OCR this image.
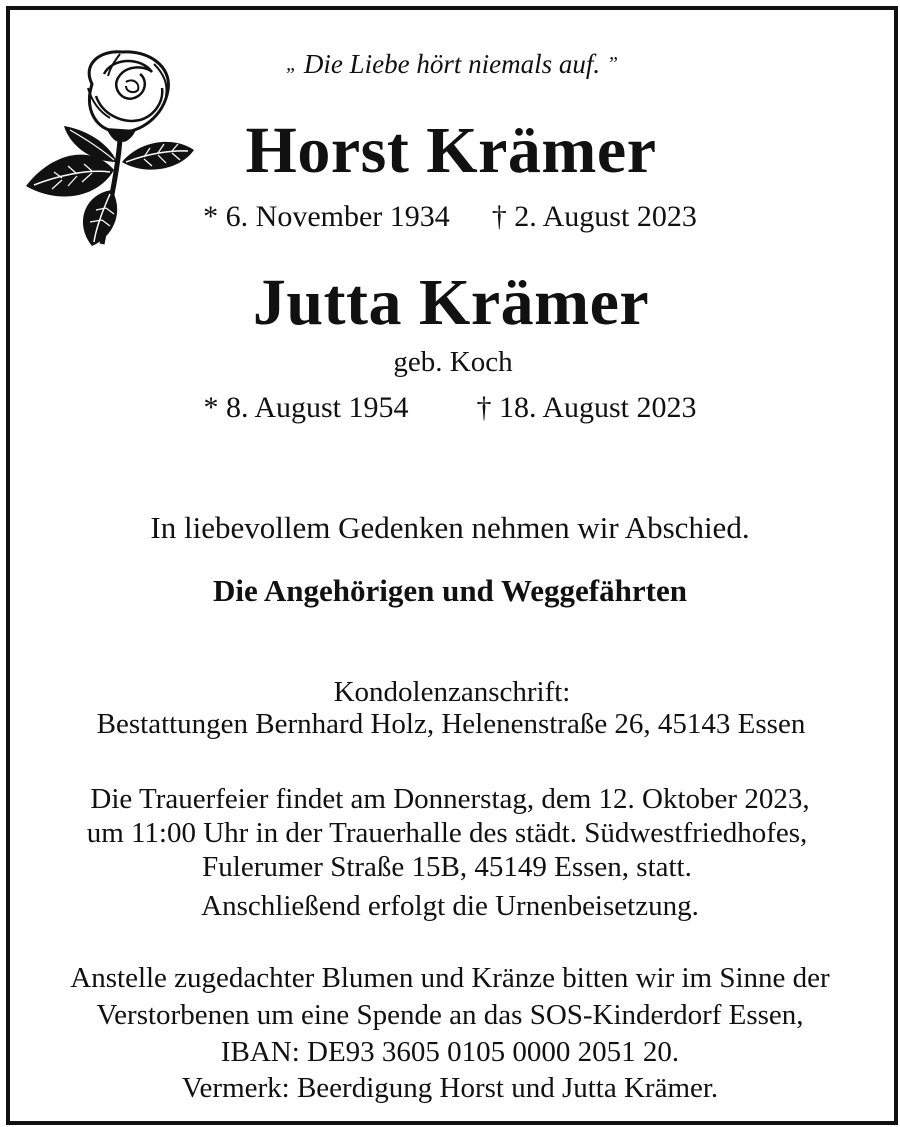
„ Die Liebe hört niemals auf. ”
Horst Krämer
* 6. November 1934 † 2. August 2023
Jutta Krämer
geb. Koch
* 8. August 1954 † 18. August 2023
In liebevollem Gedenken nehmen wir Abschied.
Die Angehörigen und Weggefährten
Kondolenzanschrift:
Bestattungen Bernhard Holz, Helenenstraße 26, 45143 Essen
Die Trauerfeier findet am Donnerstag, dem 12. Oktober 2023,
um 11:00 Uhr in der Trauerhalle des städt. Südwestfriedhofes,
Fulerumer Straße 15B, 45149 Essen, statt.
Anschließend erfolgt die Urnenbeisetzung.
Anstelle zugedachter Blumen und Kränze bitten wir im Sinne der
Verstorbenen um eine Spende an das SOS-Kinderdorf Essen,
IBAN: DE93 3605 0105 0000 2051 20.
Vermerk: Beerdigung Horst und Jutta Krämer.
